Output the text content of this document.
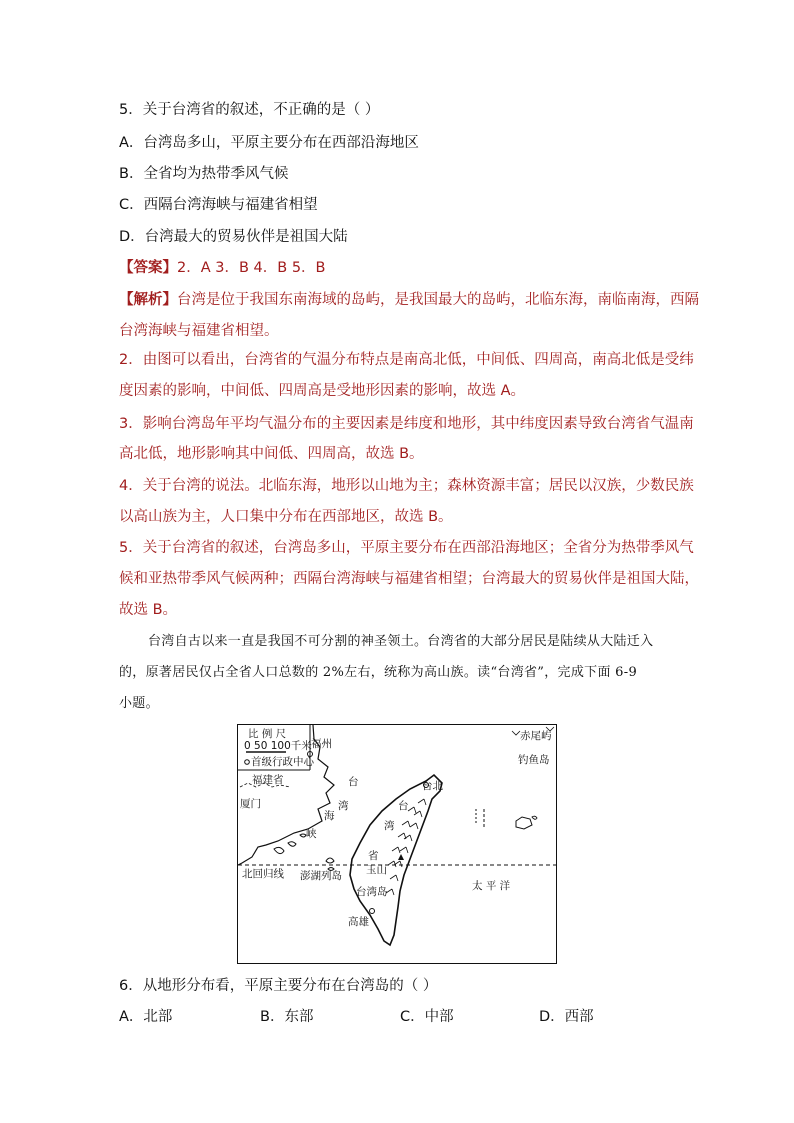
5．关于台湾省的叙述，不正确的是（ ）
A．台湾岛多山，平原主要分布在西部沿海地区
B．全省均为热带季风气候
C．西隔台湾海峡与福建省相望
D．台湾最大的贸易伙伴是祖国大陆
【答案】2．A 3．B 4．B 5．B
【解析】台湾是位于我国东南海域的岛屿，是我国最大的岛屿，北临东海，南临南海，西隔
台湾海峡与福建省相望。
2．由图可以看出，台湾省的气温分布特点是南高北低，中间低、四周高，南高北低是受纬
度因素的影响，中间低、四周高是受地形因素的影响，故选 A。
3．影响台湾岛年平均气温分布的主要因素是纬度和地形，其中纬度因素导致台湾省气温南
高北低，地形影响其中间低、四周高，故选 B。
4．关于台湾的说法。北临东海，地形以山地为主；森林资源丰富；居民以汉族，少数民族
以高山族为主，人口集中分布在西部地区，故选 B。
5．关于台湾省的叙述，台湾岛多山，平原主要分布在西部沿海地区；全省分为热带季风气
候和亚热带季风气候两种；西隔台湾海峡与福建省相望；台湾最大的贸易伙伴是祖国大陆，
故选 B。
台湾自古以来一直是我国不可分割的神圣领土。台湾省的大部分居民是陆续从大陆迁入
的，原著居民仅占全省人口总数的 2%左右，统称为高山族。读“台湾省”，完成下面 6-9
小题。
比 例 尺
0 50 100千米
首级行政中心
福州
福建省
厦门
台
湾
海
峡
台北
台
湾
省
玉山
北回归线 澎湖列岛
台湾岛
高雄
太 平 洋
赤尾屿
钓鱼岛
6．从地形分布看，平原主要分布在台湾岛的（ ）
A．北部	B．东部	C．中部	D．西部
